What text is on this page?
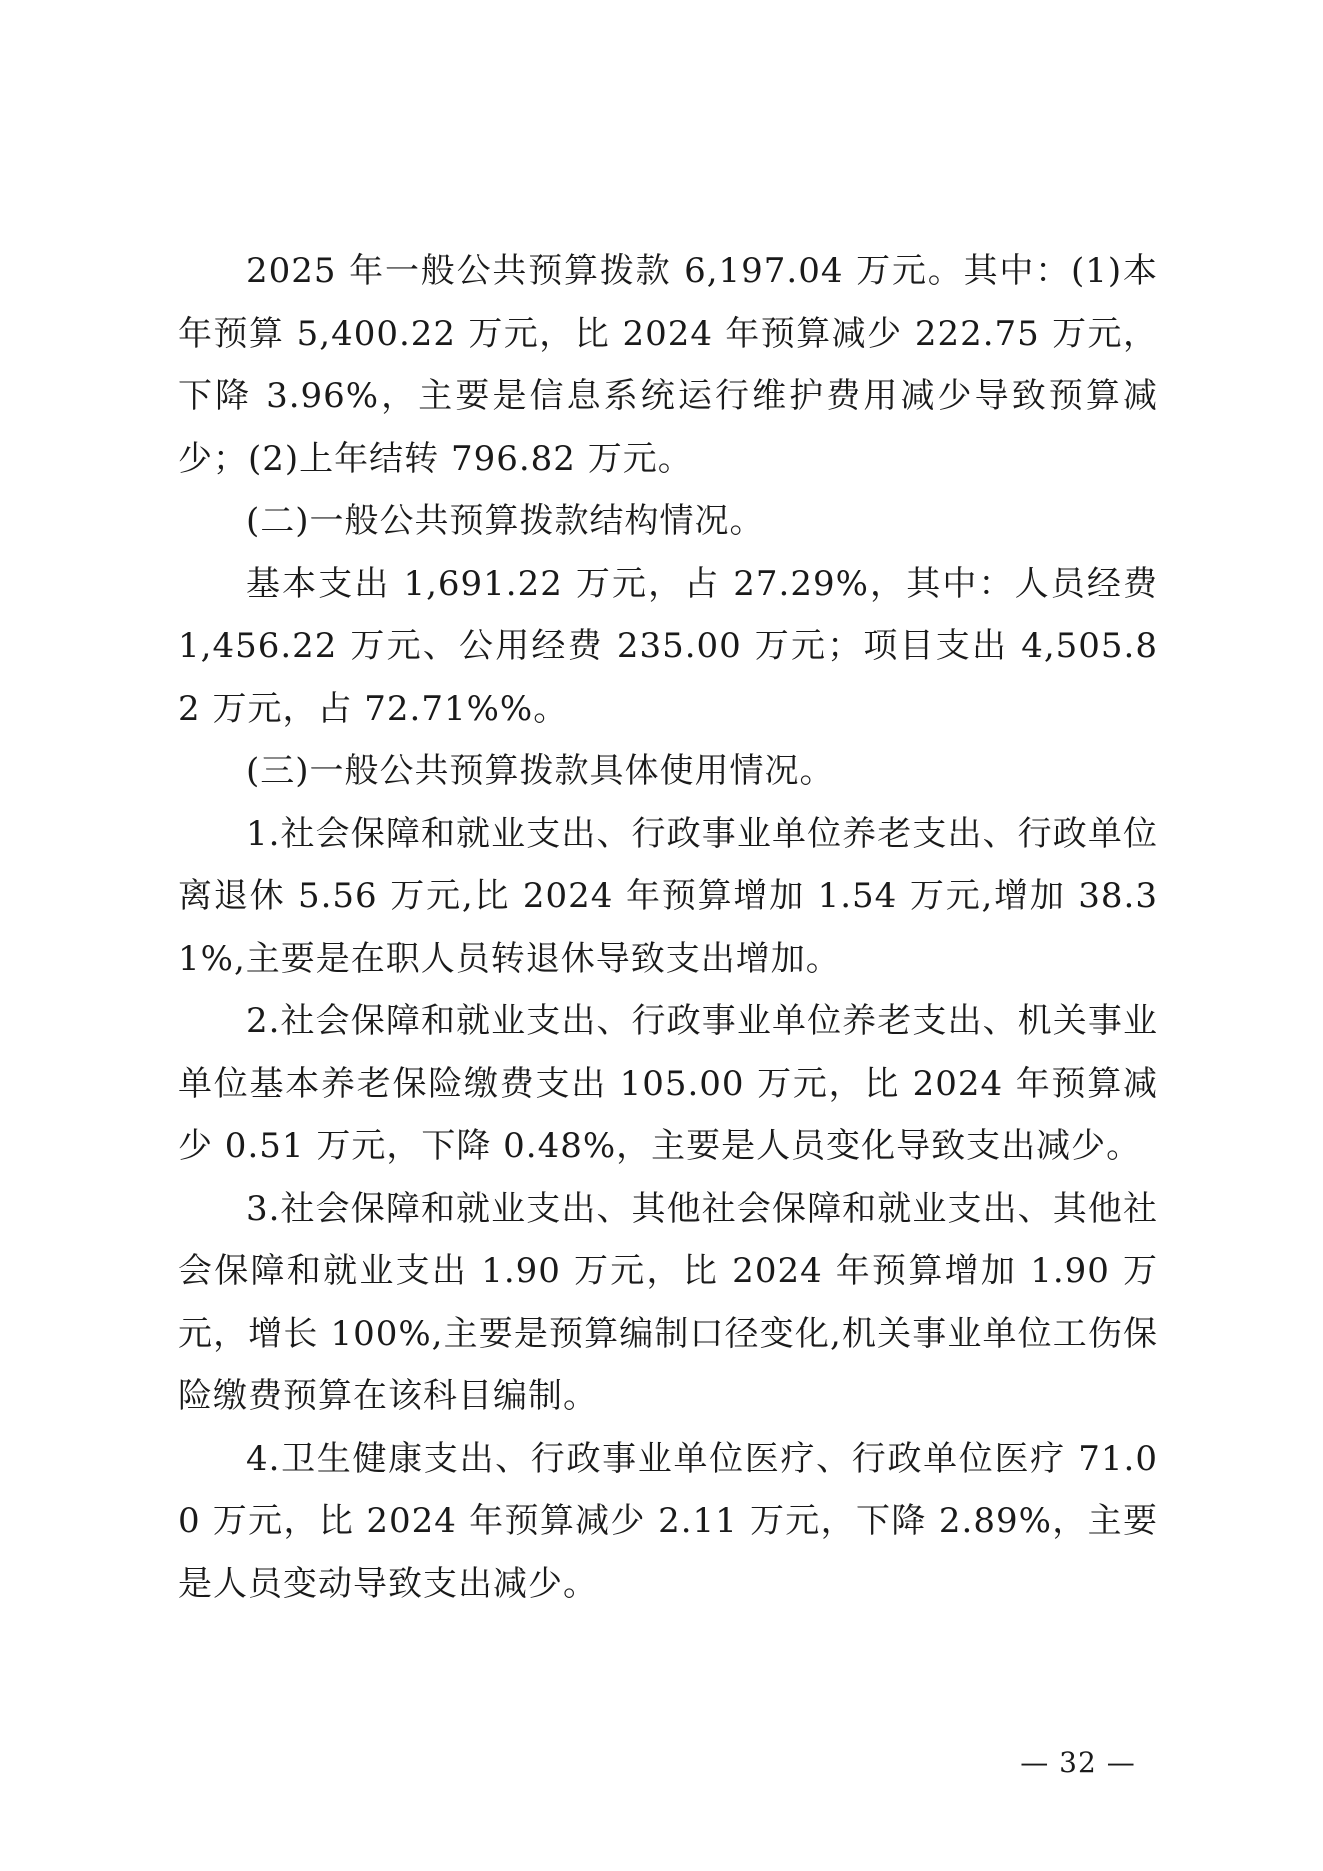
2025 年一般公共预算拨款 6,197.04 万元。其中：(1)本年预算 5,400.22 万元，比 2024 年预算减少 222.75 万元，下降 3.96%，主要是信息系统运行维护费用减少导致预算减少；(2)上年结转 796.82 万元。

(二)一般公共预算拨款结构情况。

基本支出 1,691.22 万元，占 27.29%，其中：人员经费 1,456.22 万元、公用经费 235.00 万元；项目支出 4,505.82 万元，占 72.71%%。

(三)一般公共预算拨款具体使用情况。

1.社会保障和就业支出、行政事业单位养老支出、行政单位离退休 5.56 万元,比 2024 年预算增加 1.54 万元,增加 38.31%,主要是在职人员转退休导致支出增加。

2.社会保障和就业支出、行政事业单位养老支出、机关事业单位基本养老保险缴费支出 105.00 万元，比 2024 年预算减少 0.51 万元，下降 0.48%，主要是人员变化导致支出减少。

3.社会保障和就业支出、其他社会保障和就业支出、其他社会保障和就业支出 1.90 万元，比 2024 年预算增加 1.90 万元，增长 100%,主要是预算编制口径变化,机关事业单位工伤保险缴费预算在该科目编制。

4.卫生健康支出、行政事业单位医疗、行政单位医疗 71.00 万元，比 2024 年预算减少 2.11 万元，下降 2.89%，主要是人员变动导致支出减少。

— 32 —
